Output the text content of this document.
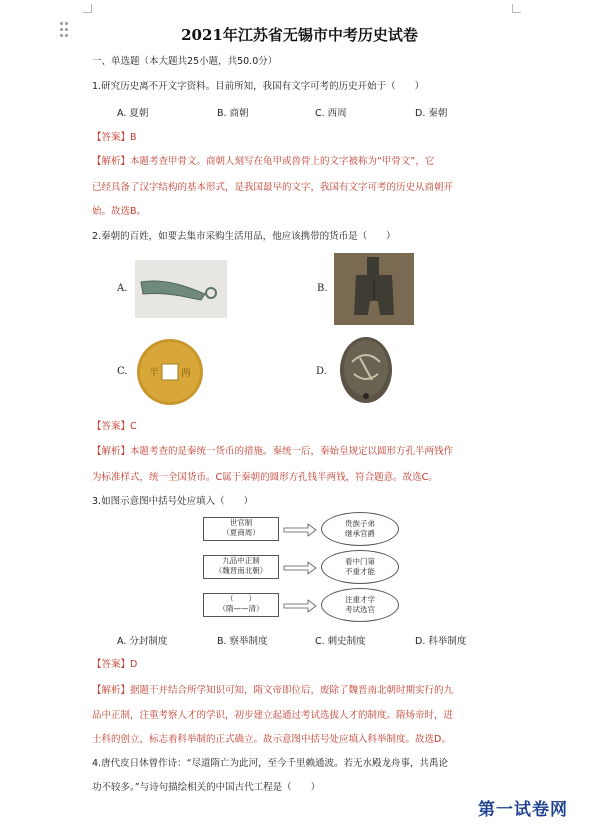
2021年江苏省无锡市中考历史试卷
一、单选题（本大题共25小题，共50.0分）
1.研究历史离不开文字资料。目前所知，我国有文字可考的历史开始于（　　）
A. 夏朝	B. 商朝	C. 西周	D. 秦朝
【答案】B
【解析】本题考查甲骨文。商朝人刻写在龟甲或兽骨上的文字被称为“甲骨文”，它
已经具备了汉字结构的基本形式，是我国最早的文字，我国有文字可考的历史从商朝开
始。故选B。
2.秦朝的百姓，如要去集市采购生活用品，他应该携带的货币是（　　）
A.	B.
C. 半 两	D.
【答案】C
【解析】本题考查的是秦统一货币的措施。秦统一后，秦始皇规定以圆形方孔半两钱作
为标准样式，统一全国货币。C属于秦朝的圆形方孔钱半两钱，符合题意。故选C。
3.如图示意图中括号处应填入（　　）
世官制
（夏商周）
九品中正制
（魏晋南北朝）
（　　）
（隋——清）
贵族子弟
继承官爵
看中门第
不重才能
注重才学
考试选官
A. 分封制度	B. 察举制度	C. 刺史制度	D. 科举制度
【答案】D
【解析】据题干并结合所学知识可知，隋文帝即位后，废除了魏晋南北朝时期实行的九
品中正制，注重考察人才的学识，初步建立起通过考试选拔人才的制度。隋炀帝时，进
士科的创立，标志着科举制的正式确立。故示意图中括号处应填入科举制度。故选D。
4.唐代皮日休曾作诗：“尽道隋亡为此河，至今千里赖通波。若无水殿龙舟事，共禹论
功不较多。”与诗句描绘相关的中国古代工程是（　　）
第一试卷网
